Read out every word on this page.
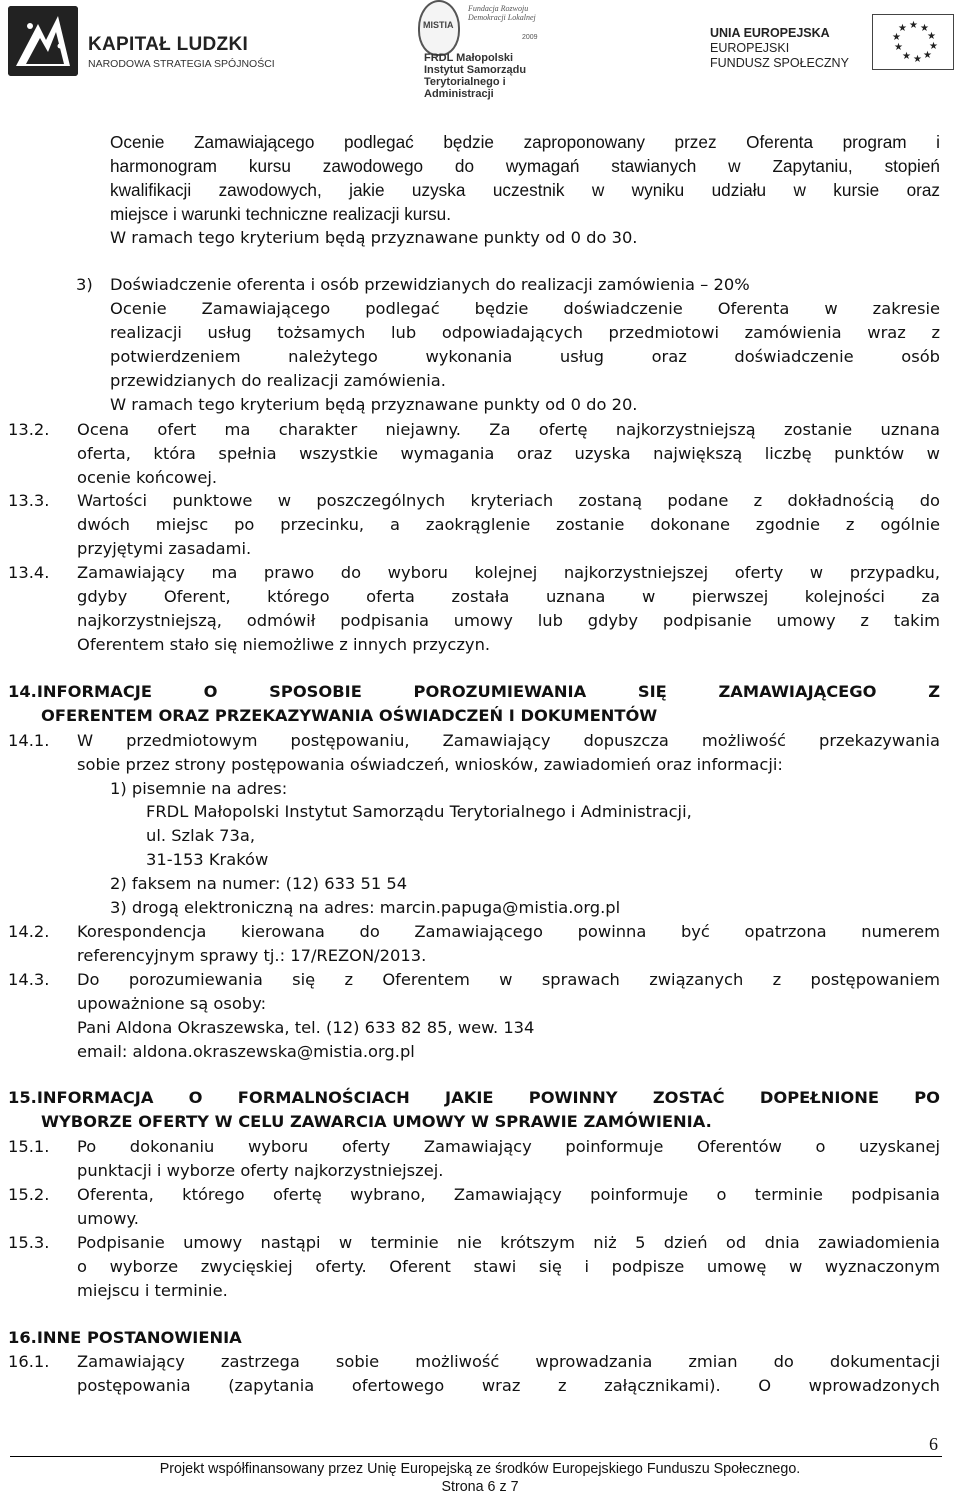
KAPITAŁ LUDZKI
NARODOWA STRATEGIA SPÓJNOŚCI
MISTIA
Fundacja Rozwoju Demokracji Lokalnej
2009
FRDL Małopolski Instytut Samorządu Terytorialnego i Administracji
UNIA EUROPEJSKA
EUROPEJSKI
FUNDUSZ SPOŁECZNY
★ ★
★
★
★
★
★
★
★
★
Ocenie Zamawiającego podlegać będzie zaproponowany przez Oferenta program i
harmonogram kursu zawodowego do wymagań stawianych w Zapytaniu, stopień
kwalifikacji zawodowych, jakie uzyska uczestnik w wyniku udziału w kursie oraz
miejsce i warunki techniczne realizacji kursu.
W ramach tego kryterium będą przyznawane punkty od 0 do 30.
3) Doświadczenie oferenta i osób przewidzianych do realizacji zamówienia – 20%
Ocenie Zamawiającego podlegać będzie doświadczenie Oferenta w zakresie
realizacji usług tożsamych lub odpowiadających przedmiotowi zamówienia wraz z
potwierdzeniem należytego wykonania usług oraz doświadczenie osób
przewidzianych do realizacji zamówienia.
W ramach tego kryterium będą przyznawane punkty od 0 do 20.
13.2. Ocena ofert ma charakter niejawny. Za ofertę najkorzystniejszą zostanie uznana
oferta, która spełnia wszystkie wymagania oraz uzyska największą liczbę punktów w
ocenie końcowej.
13.3. Wartości punktowe w poszczególnych kryteriach zostaną podane z dokładnością do
dwóch miejsc po przecinku, a zaokrąglenie zostanie dokonane zgodnie z ogólnie
przyjętymi zasadami.
13.4. Zamawiający ma prawo do wyboru kolejnej najkorzystniejszej oferty w przypadku,
gdyby Oferent, którego oferta została uznana w pierwszej kolejności za
najkorzystniejszą, odmówił podpisania umowy lub gdyby podpisanie umowy z takim
Oferentem stało się niemożliwe z innych przyczyn.
14.INFORMACJE O SPOSOBIE POROZUMIEWANIA SIĘ ZAMAWIAJĄCEGO Z
OFERENTEM ORAZ PRZEKAZYWANIA OŚWIADCZEŃ I DOKUMENTÓW
14.1. W przedmiotowym postępowaniu, Zamawiający dopuszcza możliwość przekazywania
sobie przez strony postępowania oświadczeń, wniosków, zawiadomień oraz informacji:
1) pisemnie na adres:
FRDL Małopolski Instytut Samorządu Terytorialnego i Administracji,
ul. Szlak 73a,
31-153 Kraków
2) faksem na numer: (12) 633 51 54
3) drogą elektroniczną na adres: marcin.papuga@mistia.org.pl
14.2. Korespondencja kierowana do Zamawiającego powinna być opatrzona numerem
referencyjnym sprawy tj.: 17/REZON/2013.
14.3. Do porozumiewania się z Oferentem w sprawach związanych z postępowaniem
upoważnione są osoby:
Pani Aldona Okraszewska, tel. (12) 633 82 85, wew. 134
email: aldona.okraszewska@mistia.org.pl
15.INFORMACJA O FORMALNOŚCIACH JAKIE POWINNY ZOSTAĆ DOPEŁNIONE PO
WYBORZE OFERTY W CELU ZAWARCIA UMOWY W SPRAWIE ZAMÓWIENIA.
15.1. Po dokonaniu wyboru oferty Zamawiający poinformuje Oferentów o uzyskanej
punktacji i wyborze oferty najkorzystniejszej.
15.2. Oferenta, którego ofertę wybrano, Zamawiający poinformuje o terminie podpisania
umowy.
15.3. Podpisanie umowy nastąpi w terminie nie krótszym niż 5 dzień od dnia zawiadomienia
o wyborze zwycięskiej oferty. Oferent stawi się i podpisze umowę w wyznaczonym
miejscu i terminie.
16.INNE POSTANOWIENIA
16.1. Zamawiający zastrzega sobie możliwość wprowadzania zmian do dokumentacji
postępowania (zapytania ofertowego wraz z załącznikami). O wprowadzonych
6
Projekt współfinansowany przez Unię Europejską ze środków Europejskiego Funduszu Społecznego.
Strona 6 z 7
